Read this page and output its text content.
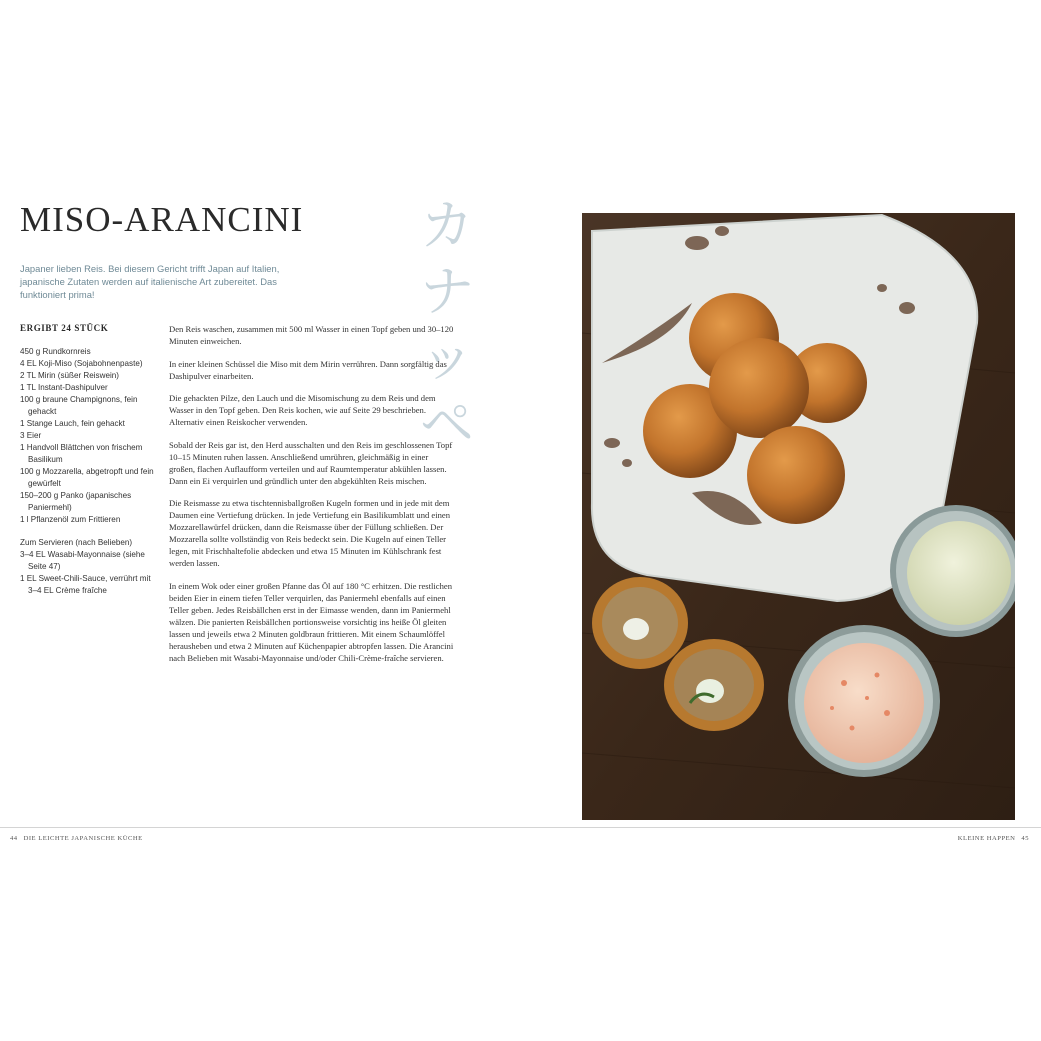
MISO-ARANCINI カナッペ

Japaner lieben Reis. Bei diesem Gericht trifft Japan auf Italien, japanische Zutaten werden auf italienische Art zubereitet. Das funktioniert prima!

ERGIBT 24 STÜCK

450 g Rundkornreis

4 EL Koji-Miso (Sojabohnenpaste)

2 TL Mirin (süßer Reiswein)

1 TL Instant-Dashipulver

100 g braune Champignons, fein gehackt

1 Stange Lauch, fein gehackt

3 Eier

1 Handvoll Blättchen von frischem Basilikum

100 g Mozzarella, abgetropft und fein gewürfelt

150–200 g Panko (japanisches Paniermehl)

1 l Pflanzenöl zum Frittieren

Zum Servieren (nach Belieben)

3–4 EL Wasabi-Mayonnaise (siehe Seite 47)

1 EL Sweet-Chili-Sauce, verrührt mit 3–4 EL Crème fraîche

Den Reis waschen, zusammen mit 500 ml Wasser in einen Topf geben und 30–120 Minuten einweichen.

In einer kleinen Schüssel die Miso mit dem Mirin verrühren. Dann sorgfältig das Dashipulver einarbeiten.

Die gehackten Pilze, den Lauch und die Misomischung zu dem Reis und dem Wasser in den Topf geben. Den Reis kochen, wie auf Seite 29 beschrieben. Alternativ einen Reiskocher verwenden.

Sobald der Reis gar ist, den Herd ausschalten und den Reis im geschlossenen Topf 10–15 Minuten ruhen lassen. Anschließend umrühren, gleichmäßig in einer großen, flachen Auflaufform verteilen und auf Raumtemperatur abkühlen lassen. Dann ein Ei verquirlen und gründlich unter den abgekühlten Reis mischen.

Die Reismasse zu etwa tischtennisballgroßen Kugeln formen und in jede mit dem Daumen eine Vertiefung drücken. In jede Vertiefung ein Basilikumblatt und einen Mozzarellawürfel drücken, dann die Reismasse über der Füllung schließen. Der Mozzarella sollte vollständig von Reis bedeckt sein. Die Kugeln auf einen Teller legen, mit Frischhaltefolie abdecken und etwa 15 Minuten im Kühlschrank fest werden lassen.

In einem Wok oder einer großen Pfanne das Öl auf 180 °C erhitzen. Die restlichen beiden Eier in einem tiefen Teller verquirlen, das Paniermehl ebenfalls auf einen Teller geben. Jedes Reisbällchen erst in der Eimasse wenden, dann im Paniermehl wälzen. Die panierten Reisbällchen portionsweise vorsichtig ins heiße Öl gleiten lassen und jeweils etwa 2 Minuten goldbraun frittieren. Mit einem Schaumlöffel herausheben und etwa 2 Minuten auf Küchenpapier abtropfen lassen. Die Arancini nach Belieben mit Wasabi-Mayonnaise und/oder Chili-Crème-fraîche servieren.

44 DIE LEICHTE JAPANISCHE KÜCHE	KLEINE HAPPEN 45
